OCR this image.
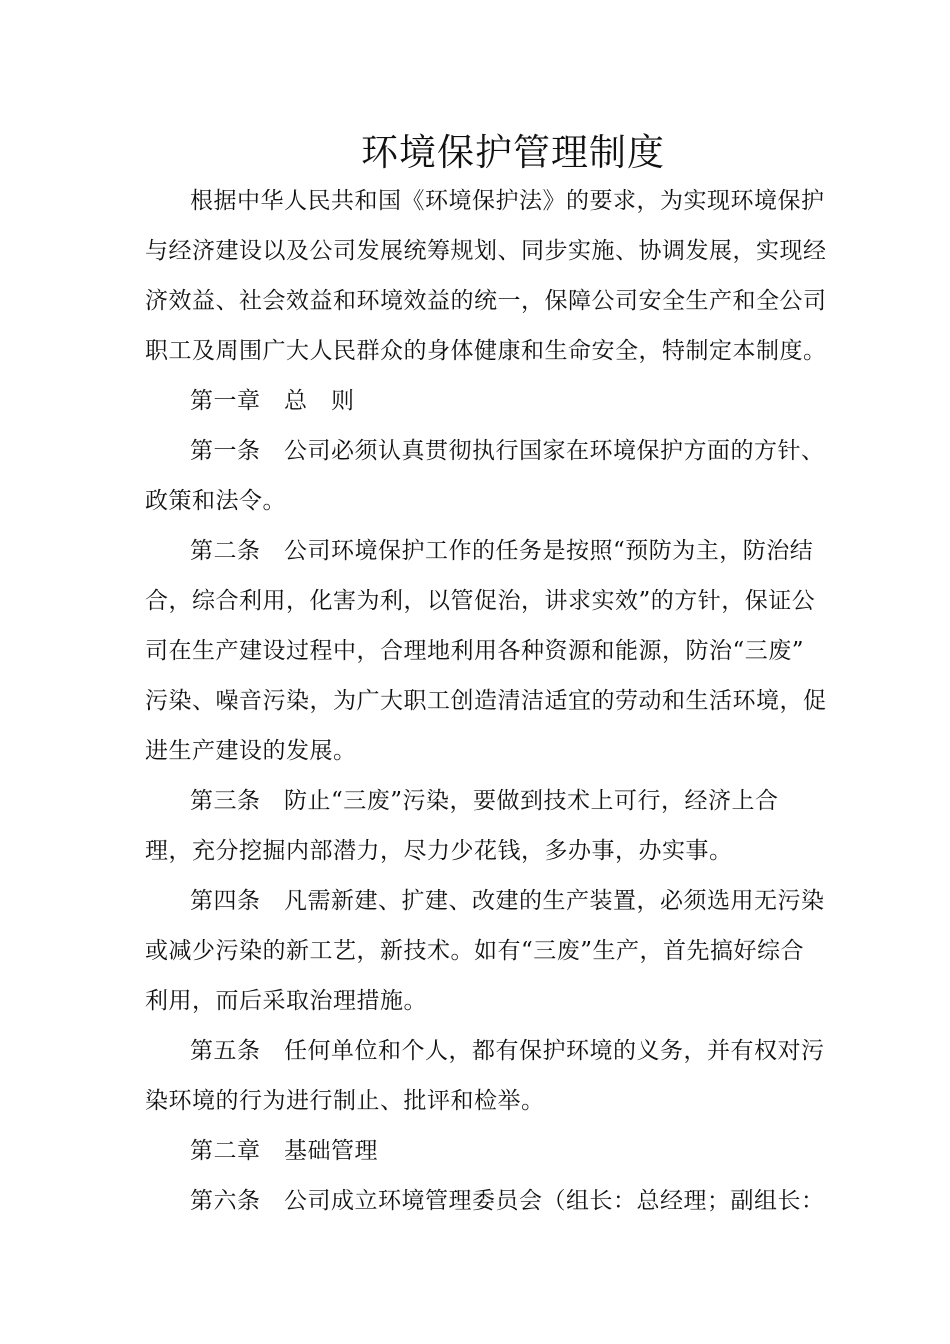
环境保护管理制度
根据中华人民共和国《环境保护法》的要求，为实现环境保护
与经济建设以及公司发展统筹规划、同步实施、协调发展，实现经
济效益、社会效益和环境效益的统一，保障公司安全生产和全公司
职工及周围广大人民群众的身体健康和生命安全，特制定本制度。
第一章　总　则
第一条　公司必须认真贯彻执行国家在环境保护方面的方针、
政策和法令。
第二条　公司环境保护工作的任务是按照“预防为主，防治结
合，综合利用，化害为利，以管促治，讲求实效”的方针，保证公
司在生产建设过程中，合理地利用各种资源和能源，防治“三废”
污染、噪音污染，为广大职工创造清洁适宜的劳动和生活环境，促
进生产建设的发展。
第三条　防止“三废”污染，要做到技术上可行，经济上合
理，充分挖掘内部潜力，尽力少花钱，多办事，办实事。
第四条　凡需新建、扩建、改建的生产装置，必须选用无污染
或减少污染的新工艺，新技术。如有“三废”生产，首先搞好综合
利用，而后采取治理措施。
第五条　任何单位和个人，都有保护环境的义务，并有权对污
染环境的行为进行制止、批评和检举。
第二章　基础管理
第六条　公司成立环境管理委员会（组长：总经理；副组长：
